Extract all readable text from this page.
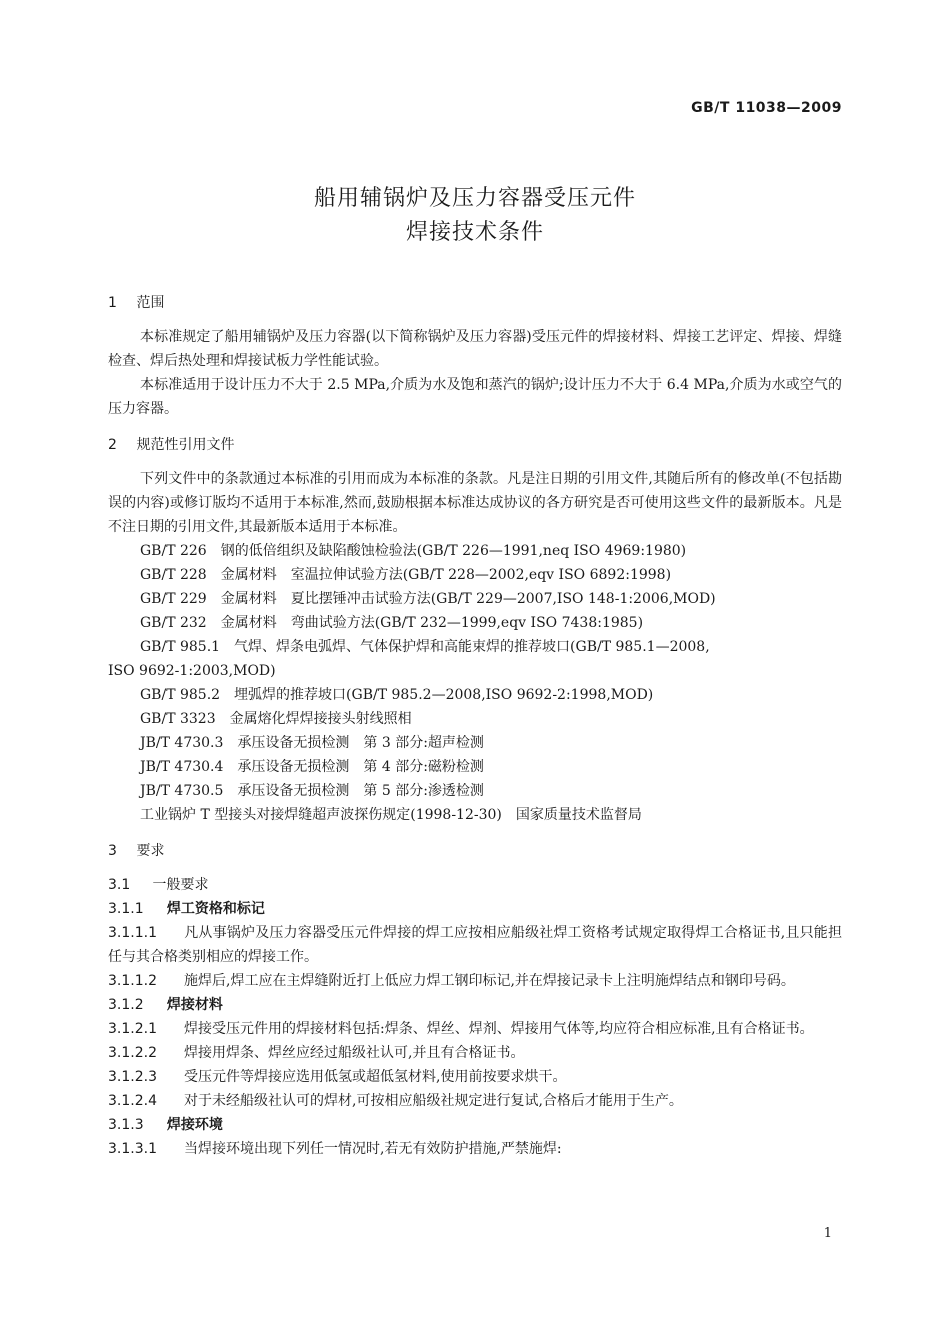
GB/T 11038—2009
船用辅锅炉及压力容器受压元件
焊接技术条件
1 范围

本标准规定了船用辅锅炉及压力容器(以下简称锅炉及压力容器)受压元件的焊接材料、焊接工艺评定、焊接、焊缝检查、焊后热处理和焊接试板力学性能试验。

本标准适用于设计压力不大于 2.5 MPa,介质为水及饱和蒸汽的锅炉;设计压力不大于 6.4 MPa,介质为水或空气的压力容器。

2 规范性引用文件

下列文件中的条款通过本标准的引用而成为本标准的条款。凡是注日期的引用文件,其随后所有的修改单(不包括勘误的内容)或修订版均不适用于本标准,然而,鼓励根据本标准达成协议的各方研究是否可使用这些文件的最新版本。凡是不注日期的引用文件,其最新版本适用于本标准。

GB/T 226　钢的低倍组织及缺陷酸蚀检验法(GB/T 226—1991,neq ISO 4969:1980)

GB/T 228　金属材料　室温拉伸试验方法(GB/T 228—2002,eqv ISO 6892:1998)

GB/T 229　金属材料　夏比摆锤冲击试验方法(GB/T 229—2007,ISO 148-1:2006,MOD)

GB/T 232　金属材料　弯曲试验方法(GB/T 232—1999,eqv ISO 7438:1985)

GB/T 985.1　气焊、焊条电弧焊、气体保护焊和高能束焊的推荐坡口(GB/T 985.1—2008,
ISO 9692-1:2003,MOD)

GB/T 985.2　埋弧焊的推荐坡口(GB/T 985.2—2008,ISO 9692-2:1998,MOD)

GB/T 3323　金属熔化焊焊接接头射线照相

JB/T 4730.3　承压设备无损检测　第 3 部分:超声检测

JB/T 4730.4　承压设备无损检测　第 4 部分:磁粉检测

JB/T 4730.5　承压设备无损检测　第 5 部分:渗透检测

工业锅炉 T 型接头对接焊缝超声波探伤规定(1998-12-30)　国家质量技术监督局

3 要求
3.1 一般要求
3.1.1 焊工资格和标记

3.1.1.1 凡从事锅炉及压力容器受压元件焊接的焊工应按相应船级社焊工资格考试规定取得焊工合格证书,且只能担任与其合格类别相应的焊接工作。

3.1.1.2 施焊后,焊工应在主焊缝附近打上低应力焊工钢印标记,并在焊接记录卡上注明施焊结点和钢印号码。

3.1.2 焊接材料

3.1.2.1 焊接受压元件用的焊接材料包括:焊条、焊丝、焊剂、焊接用气体等,均应符合相应标准,且有合格证书。

3.1.2.2 焊接用焊条、焊丝应经过船级社认可,并且有合格证书。

3.1.2.3 受压元件等焊接应选用低氢或超低氢材料,使用前按要求烘干。

3.1.2.4 对于未经船级社认可的焊材,可按相应船级社规定进行复试,合格后才能用于生产。

3.1.3 焊接环境

3.1.3.1 当焊接环境出现下列任一情况时,若无有效防护措施,严禁施焊:

1
